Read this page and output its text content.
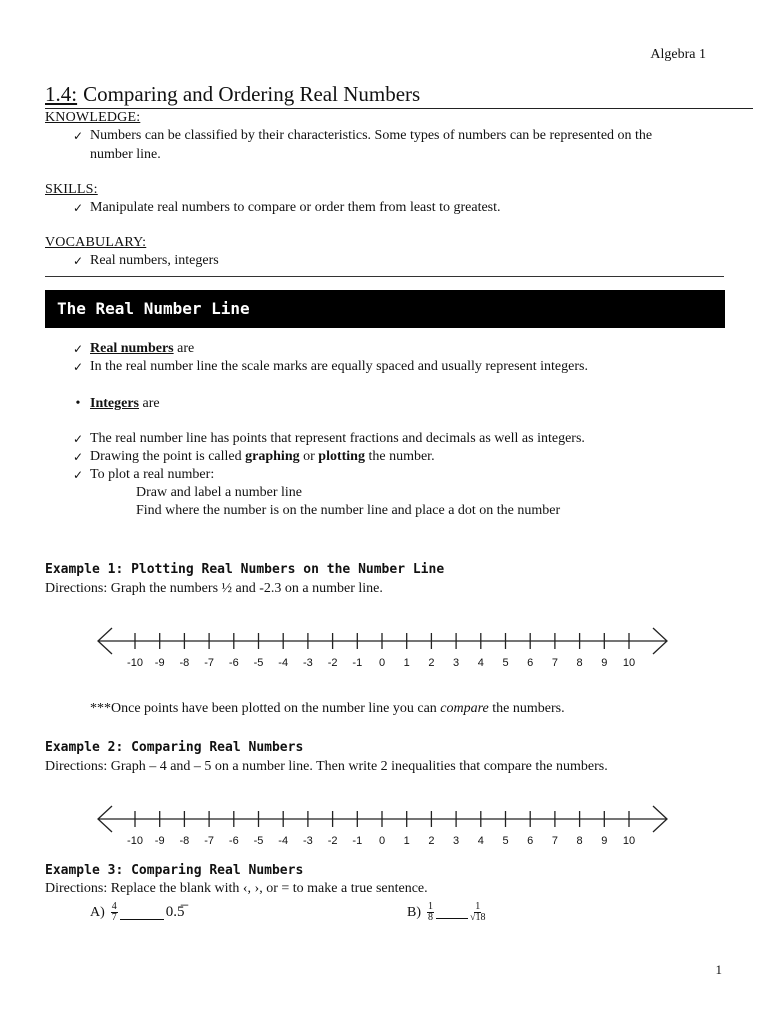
Algebra 1
1.4: Comparing and Ordering Real Numbers
KNOWLEDGE:
✓ Numbers can be classified by their characteristics. Some types of numbers can be represented on the
number line.
SKILLS:
✓ Manipulate real numbers to compare or order them from least to greatest.
VOCABULARY:
✓ Real numbers, integers
The Real Number Line
✓ Real numbers are
✓ In the real number line the scale marks are equally spaced and usually represent integers.
• Integers are
✓ The real number line has points that represent fractions and decimals as well as integers.
✓ Drawing the point is called graphing or plotting the number.
✓ To plot a real number:
Draw and label a number line
Find where the number is on the number line and place a dot on the number
Example 1: Plotting Real Numbers on the Number Line
Directions: Graph the numbers ½ and -2.3 on a number line.
-10 -9 -8 -7 -6 -5 -4 -3 -2 -1 0 1 2 3 4 5 6 7 8 9 10
***Once points have been plotted on the number line you can compare the numbers.
Example 2: Comparing Real Numbers
Directions: Graph – 4 and – 5 on a number line. Then write 2 inequalities that compare the numbers.
-10 -9 -8 -7 -6 -5 -4 -3 -2 -1 0 1 2 3 4 5 6 7 8 9 10
Example 3: Comparing Real Numbers
Directions: Replace the blank with ‹, ›, or = to make a true sentence.
$A) \frac{4}{7}$	0.5̅	$B) \frac{1}{8}$	$\frac{1}{√18}$
1
